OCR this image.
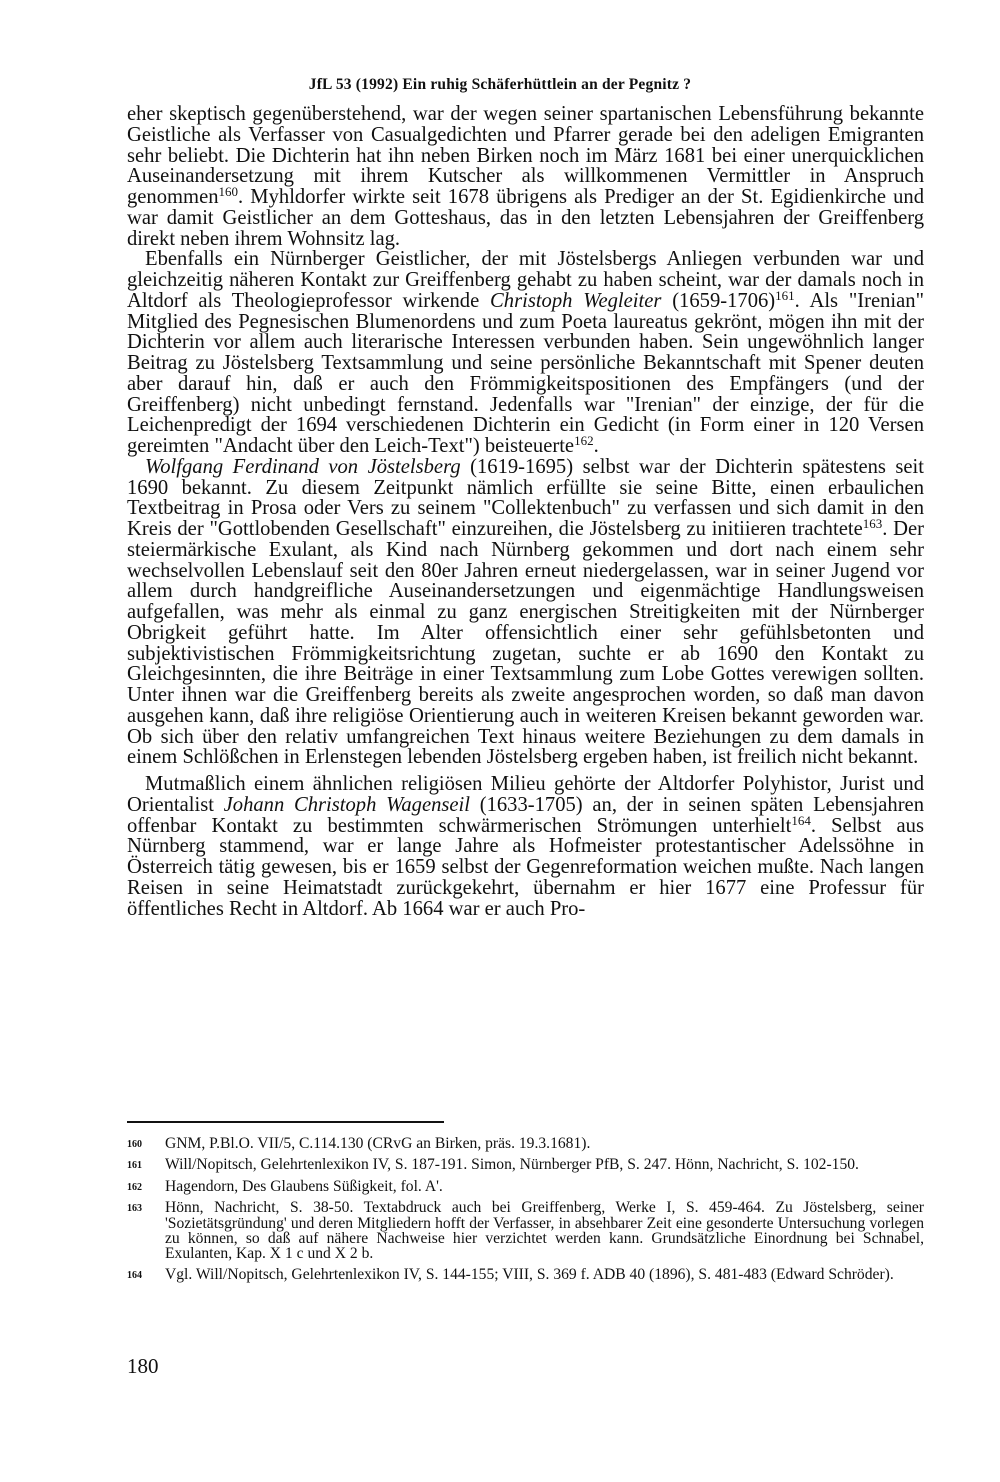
JfL 53 (1992) Ein ruhig Schäferhüttlein an der Pegnitz ?

eher skeptisch gegenüberstehend, war der wegen seiner spartanischen Lebensführung bekannte Geistliche als Verfasser von Casualgedichten und Pfarrer gerade bei den adeligen Emigranten sehr beliebt. Die Dichterin hat ihn neben Birken noch im März 1681 bei einer unerquicklichen Auseinandersetzung mit ihrem Kutscher als willkommenen Vermittler in Anspruch genommen$^{160}$. Myhldorfer wirkte seit 1678 übrigens als Prediger an der St. Egidienkirche und war damit Geistlicher an dem Gotteshaus, das in den letzten Lebensjahren der Greiffenberg direkt neben ihrem Wohnsitz lag.

Ebenfalls ein Nürnberger Geistlicher, der mit Jöstelsbergs Anliegen verbunden war und gleichzeitig näheren Kontakt zur Greiffenberg gehabt zu haben scheint, war der damals noch in Altdorf als Theologieprofessor wirkende Christoph Wegleiter (1659-1706)$^{161}$. Als "Irenian" Mitglied des Pegnesischen Blumenordens und zum Poeta laureatus gekrönt, mögen ihn mit der Dichterin vor allem auch literarische Interessen verbunden haben. Sein ungewöhnlich langer Beitrag zu Jöstelsberg Textsammlung und seine persönliche Bekanntschaft mit Spener deuten aber darauf hin, daß er auch den Frömmigkeitspositionen des Empfängers (und der Greiffenberg) nicht unbedingt fernstand. Jedenfalls war "Irenian" der einzige, der für die Leichenpredigt der 1694 verschiedenen Dichterin ein Gedicht (in Form einer in 120 Versen gereimten "Andacht über den Leich-Text") beisteuerte$^{162}$.

Wolfgang Ferdinand von Jöstelsberg (1619-1695) selbst war der Dichterin spätestens seit 1690 bekannt. Zu diesem Zeitpunkt nämlich erfüllte sie seine Bitte, einen erbaulichen Textbeitrag in Prosa oder Vers zu seinem "Collektenbuch" zu verfassen und sich damit in den Kreis der "Gottlobenden Gesellschaft" einzureihen, die Jöstelsberg zu initiieren trachtete$^{163}$. Der steiermärkische Exulant, als Kind nach Nürnberg gekommen und dort nach einem sehr wechselvollen Lebenslauf seit den 80er Jahren erneut niedergelassen, war in seiner Jugend vor allem durch handgreifliche Auseinandersetzungen und eigenmächtige Handlungsweisen aufgefallen, was mehr als einmal zu ganz energischen Streitigkeiten mit der Nürnberger Obrigkeit geführt hatte. Im Alter offensichtlich einer sehr gefühlsbetonten und subjektivistischen Frömmigkeitsrichtung zugetan, suchte er ab 1690 den Kontakt zu Gleichgesinnten, die ihre Beiträge in einer Textsammlung zum Lobe Gottes verewigen sollten. Unter ihnen war die Greiffenberg bereits als zweite angesprochen worden, so daß man davon ausgehen kann, daß ihre religiöse Orientierung auch in weiteren Kreisen bekannt geworden war. Ob sich über den relativ umfangreichen Text hinaus weitere Beziehungen zu dem damals in einem Schlößchen in Erlenstegen lebenden Jöstelsberg ergeben haben, ist freilich nicht bekannt.

Mutmaßlich einem ähnlichen religiösen Milieu gehörte der Altdorfer Polyhistor, Jurist und Orientalist Johann Christoph Wagenseil (1633-1705) an, der in seinen späten Lebensjahren offenbar Kontakt zu bestimmten schwärmerischen Strömungen unterhielt$^{164}$. Selbst aus Nürnberg stammend, war er lange Jahre als Hofmeister protestantischer Adelssöhne in Österreich tätig gewesen, bis er 1659 selbst der Gegenreformation weichen mußte. Nach langen Reisen in seine Heimatstadt zurückgekehrt, übernahm er hier 1677 eine Professur für öffentliches Recht in Altdorf. Ab 1664 war er auch Pro-

160	GNM, P.Bl.O. VII/5, C.114.130 (CRvG an Birken, präs. 19.3.1681).
161	Will/Nopitsch, Gelehrtenlexikon IV, S. 187-191. Simon, Nürnberger PfB, S. 247. Hönn, Nachricht, S. 102-150.
162	Hagendorn, Des Glaubens Süßigkeit, fol. A'.
163	Hönn, Nachricht, S. 38-50. Textabdruck auch bei Greiffenberg, Werke I, S. 459-464. Zu Jöstelsberg, seiner 'Sozietätsgründung' und deren Mitgliedern hofft der Verfasser, in absehbarer Zeit eine gesonderte Untersuchung vorlegen zu können, so daß auf nähere Nachweise hier verzichtet werden kann. Grundsätzliche Einordnung bei Schnabel, Exulanten, Kap. X 1 c und X 2 b.
164	Vgl. Will/Nopitsch, Gelehrtenlexikon IV, S. 144-155; VIII, S. 369 f. ADB 40 (1896), S. 481-483 (Edward Schröder).
180
